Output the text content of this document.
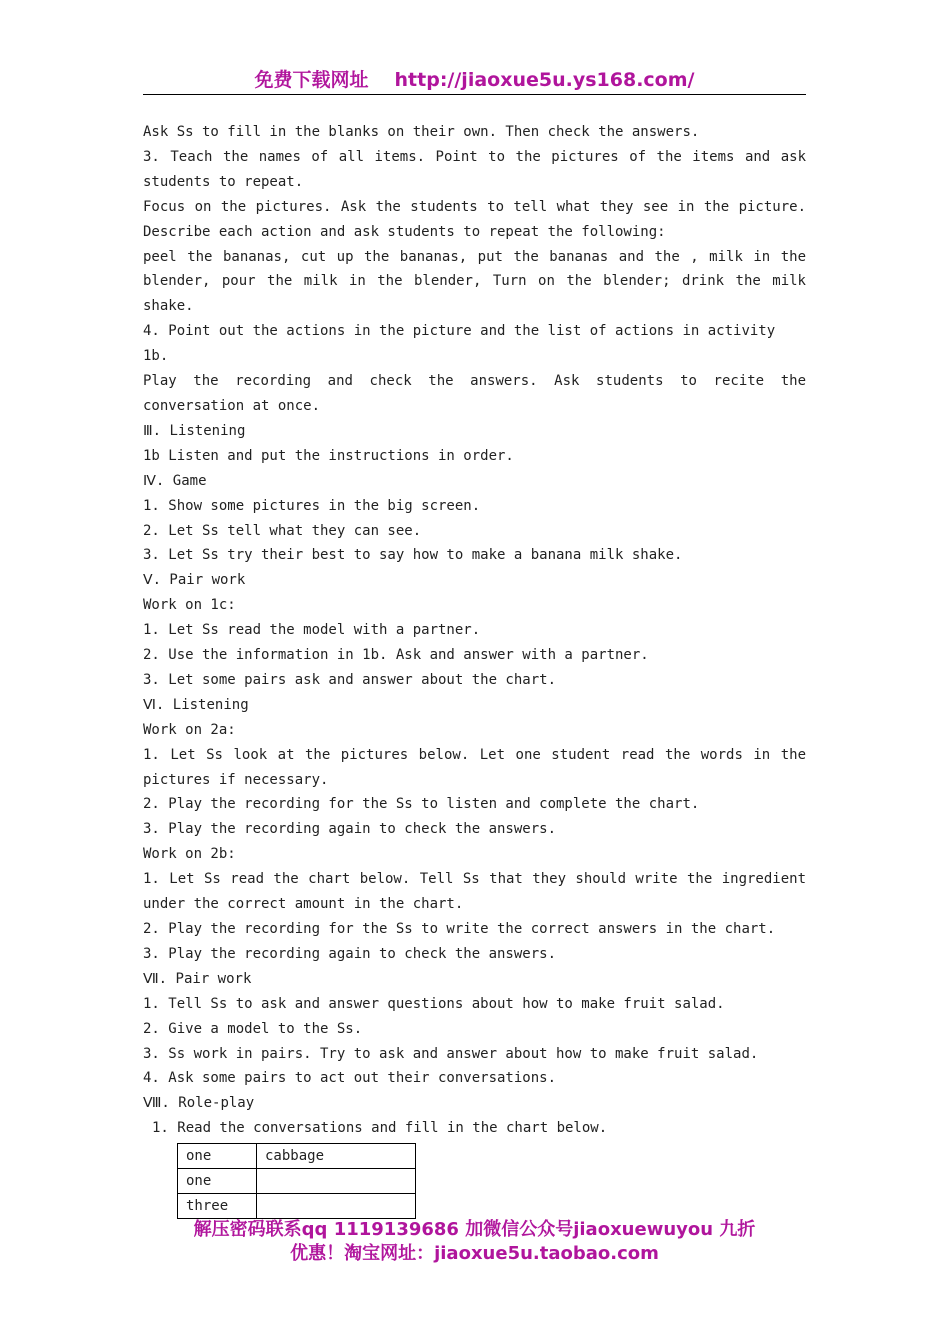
免费下载网址 http://jiaoxue5u.ys168.com/

Ask Ss to fill in the blanks on their own. Then check the answers.

3. Teach the names of all items. Point to the pictures of the items and ask

students to repeat.

Focus on the pictures. Ask the students to tell what they see in the picture.

Describe each action and ask students to repeat the following:

peel the bananas, cut up the bananas, put the bananas and the , milk in the

blender, pour the milk in the blender, Turn on the blender; drink the milk

shake.

4. Point out the actions in the picture and the list of actions in activity 1b.

Play the recording and check the answers. Ask students to recite the

conversation at once.

Ⅲ. Listening

1b Listen and put the instructions in order.

Ⅳ. Game

1. Show some pictures in the big screen.

2. Let Ss tell what they can see.

3. Let Ss try their best to say how to make a banana milk shake.

Ⅴ. Pair work

Work on 1c:

1. Let Ss read the model with a partner.

2. Use the information in 1b. Ask and answer with a partner.

3. Let some pairs ask and answer about the chart.

Ⅵ. Listening

Work on 2a:

1. Let Ss look at the pictures below. Let one student read the words in the

pictures if necessary.

2. Play the recording for the Ss to listen and complete the chart.

3. Play the recording again to check the answers.

Work on 2b:

1. Let Ss read the chart below. Tell Ss that they should write the ingredient

under the correct amount in the chart.

2. Play the recording for the Ss to write the correct answers in the chart.

3. Play the recording again to check the answers.

Ⅶ. Pair work

1. Tell Ss to ask and answer questions about how to make fruit salad.

2. Give a model to the Ss.

3. Ss work in pairs. Try to ask and answer about how to make fruit salad.

4. Ask some pairs to act out their conversations.

Ⅷ. Role-play

1. Read the conversations and fill in the chart below.

one	cabbage
one	
three	
解压密码联系qq 1119139686 加微信公众号jiaoxuewuyou 九折
优惠！淘宝网址：jiaoxue5u.taobao.com
